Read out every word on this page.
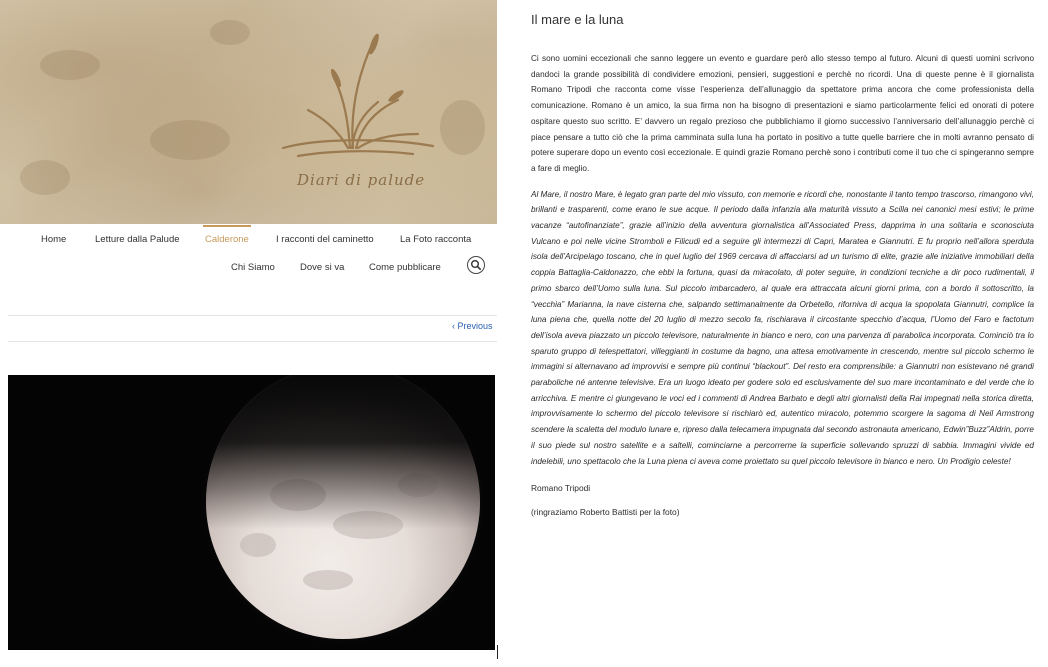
Diari di palude
Home	Letture dalla Palude	Calderone	I racconti del caminetto	La Foto racconta
Chi Siamo	Dove si va	Come pubblicare
‹ Previous
Il mare e la luna

Ci sono uomini eccezionali che sanno leggere un evento e guardare però allo stesso tempo al futuro. Alcuni di questi uomini scrivono dandoci la grande possibilità di condividere emozioni, pensieri, suggestioni e perchè no ricordi. Una di queste penne è il giornalista Romano Tripodi che racconta come visse l’esperienza dell’allunaggio da spettatore prima ancora che come professionista della comunicazione. Romano è un amico, la sua firma non ha bisogno di presentazioni e siamo particolarmente felici ed onorati di potere ospitare questo suo scritto. E’ davvero un regalo prezioso che pubblichiamo il giorno successivo l’anniversario dell’allunaggio perchè ci piace pensare a tutto ciò che la prima camminata sulla luna ha portato in positivo a tutte quelle barriere che in molti avranno pensato di potere superare dopo un evento così eccezionale. E quindi grazie Romano perchè sono i contributi come il tuo che ci spingeranno sempre a fare di meglio.

Al Mare, il nostro Mare, è legato gran parte del mio vissuto, con memorie e ricordi che, nonostante il tanto tempo trascorso, rimangono vivi, brillanti e trasparenti, come erano le sue acque. Il periodo dalla infanzia alla maturità vissuto a Scilla nei canonici mesi estivi; le prime vacanze “autofinanziate”, grazie all’inizio della avventura giornalistica all’Associated Press, dapprima in una solitaria e sconosciuta Vulcano e poi nelle vicine Stromboli e Filicudi ed a seguire gli intermezzi di Capri, Maratea e Giannutri. E fu proprio nell’allora sperduta isola dell’Arcipelago toscano, che in quel luglio del 1969 cercava di affacciarsi ad un turismo di elite, grazie alle iniziative immobiliari della coppia Battaglia-Caldonazzo, che ebbi la fortuna, quasi da miracolato, di poter seguire, in condizioni tecniche a dir poco rudimentali, il primo sbarco dell’Uomo sulla luna. Sul piccolo imbarcadero, al quale era attraccata alcuni giorni prima, con a bordo il sottoscritto, la “vecchia” Marianna, la nave cisterna che, salpando settimanalmente da Orbetello, riforniva di acqua la spopolata Giannutri, complice la luna piena che, quella notte del 20 luglio di mezzo secolo fa, rischiarava il circostante specchio d’acqua, l’Uomo del Faro e factotum dell’isola aveva piazzato un piccolo televisore, naturalmente in bianco e nero, con una parvenza di parabolica incorporata. Cominciò tra lo sparuto gruppo di telespettatori, villeggianti in costume da bagno, una attesa emotivamente in crescendo, mentre sul piccolo schermo le immagini si alternavano ad improvvisi e sempre più continui “blackout”. Del resto era comprensibile: a Giannutri non esistevano né grandi paraboliche né antenne televisive. Era un luogo ideato per godere solo ed esclusivamente del suo mare incontaminato e del verde che lo arricchiva. E mentre ci giungevano le voci ed i commenti di Andrea Barbato e degli altri giornalisti della Rai impegnati nella storica diretta, improvvisamente lo schermo del piccolo televisore si rischiarò ed, autentico miracolo, potemmo scorgere la sagoma di Neil Armstrong scendere la scaletta del modulo lunare e, ripreso dalla telecamera impugnata dal secondo astronauta americano, Edwin”Buzz”Aldrin, porre il suo piede sul nostro satellite e a saltelli, cominciarne a percorrerne la superficie sollevando spruzzi di sabbia. Immagini vivide ed indelebili, uno spettacolo che la Luna piena ci aveva come proiettato su quel piccolo televisore in bianco e nero. Un Prodigio celeste!

Romano Tripodi

(ringraziamo Roberto Battisti per la foto)
